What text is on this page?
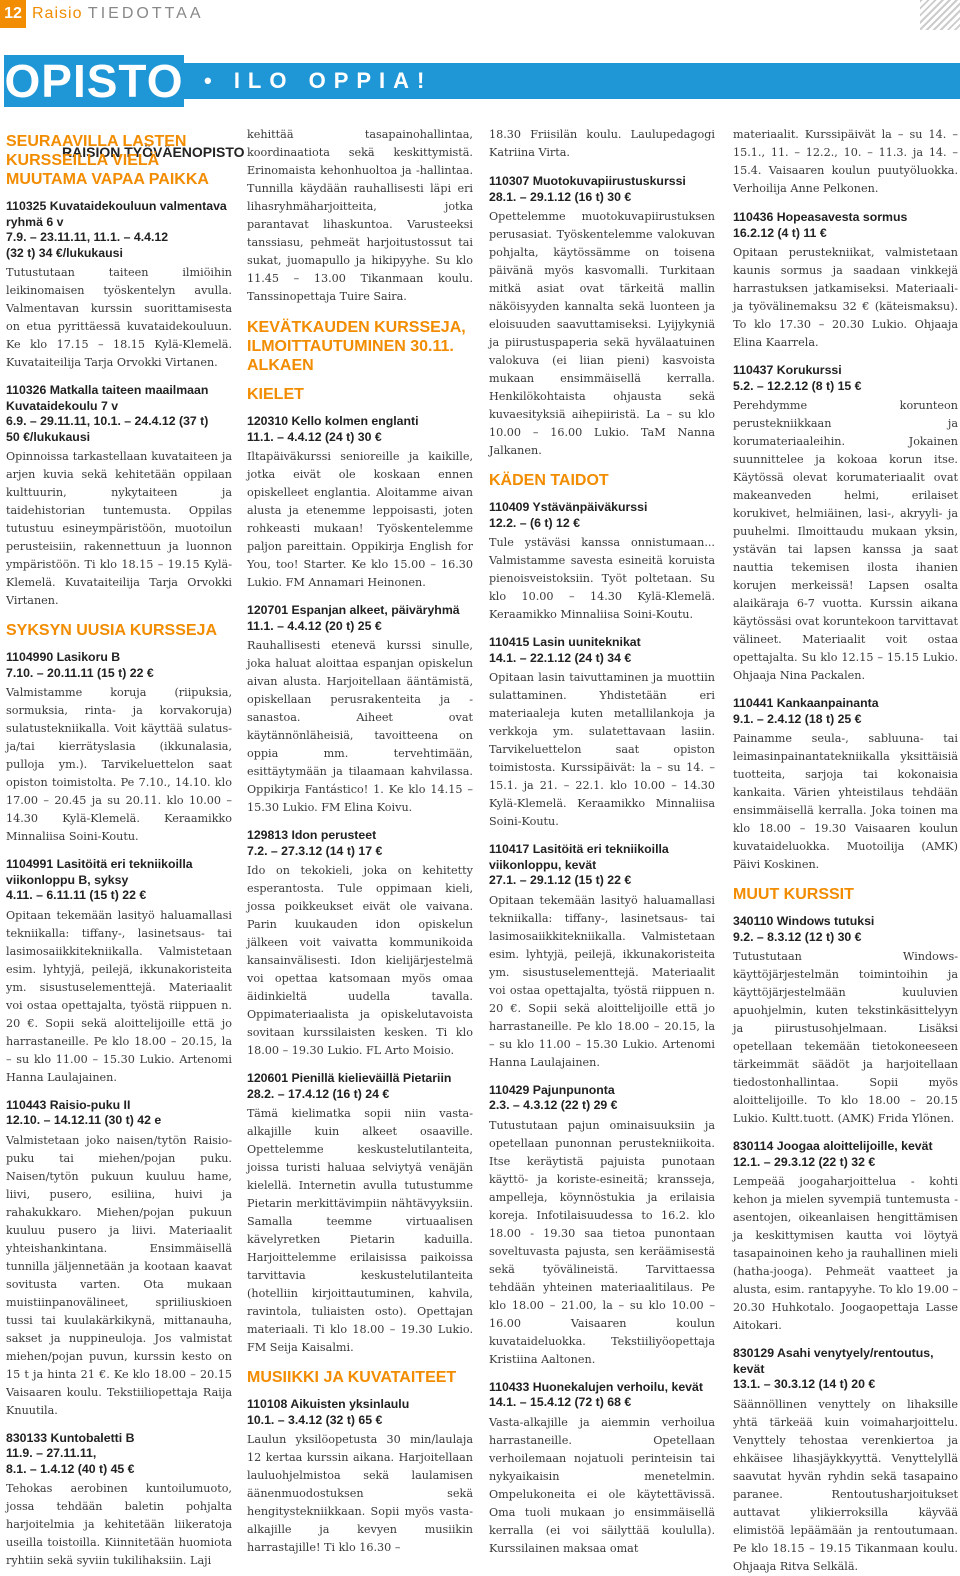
12 Raisio TIEDOTTAA
OPISTO • ILO OPPIA!
RAISION TYÖVÄENOPISTO
SEURAAVILLA LASTEN KURSSEILLA VIELÄ MUUTAMA VAPAA PAIKKA
110325 Kuvataidekouluun valmentava ryhmä 6 v
7.9. – 23.11.11, 11.1. – 4.4.12
(32 t) 34 €/lukukausi
Tutustutaan taiteen ilmiöihin leikinomaisen työskentelyn avulla. Valmentavan kurssin suorittamisesta on etua pyrittäessä kuvataidekouluun. Ke klo 17.15 – 18.15 Kylä-Klemelä. Kuvataiteilija Tarja Orvokki Virtanen.
110326 Matkalla taiteen maailmaan Kuvataidekoulu 7 v
6.9. – 29.11.11, 10.1. – 24.4.12 (37 t)
50 €/lukukausi
Opinnoissa tarkastellaan kuvataiteen ja arjen kuvia sekä kehitetään oppilaan kulttuurin, nykytaiteen ja taidehistorian tuntemusta. Oppilas tutustuu esineympäristöön, muotoilun perusteisiin, rakennettuun ja luonnon ympäristöön. Ti klo 18.15 – 19.15 Kylä-Klemelä. Kuvataiteilija Tarja Orvokki Virtanen.
SYKSYN UUSIA KURSSEJA
1104990 Lasikoru B
7.10. – 20.11.11 (15 t) 22 €
Valmistamme koruja (riipuksia, sormuksia, rinta- ja korvakoruja) sulatustekniikalla. Voit käyttää sulatus- ja/tai kierrätyslasia (ikkunalasia, pulloja ym.). Tarvikeluettelon saat opiston toimistolta. Pe 7.10., 14.10. klo 17.00 – 20.45 ja su 20.11. klo 10.00 – 14.30 Kylä-Klemelä. Keraamikko Minnaliisa Soini-Koutu.
1104991 Lasitöitä eri tekniikoilla viikonloppu B, syksy
4.11. – 6.11.11 (15 t) 22 €
Opitaan tekemään lasityö haluamallasi tekniikalla: tiffany-, lasinetsaus- tai lasimosaiikkitekniikalla. Valmistetaan esim. lyhtyjä, peilejä, ikkunakoristeita ym. sisustuselementtejä. Materiaalit voi ostaa opettajalta, työstä riippuen n. 20 €. Sopii sekä aloittelijoille että jo harrastaneille. Pe klo 18.00 – 20.15, la – su klo 11.00 – 15.30 Lukio. Artenomi Hanna Laulajainen.
110443 Raisio-puku II
12.10. – 14.12.11 (30 t) 42 e
Valmistetaan joko naisen/tytön Raisio-puku tai miehen/pojan puku. Naisen/tytön pukuun kuuluu hame, liivi, pusero, esiliina, huivi ja rahakukkaro. Miehen/pojan pukuun kuuluu pusero ja liivi. Materiaalit yhteishankintana. Ensimmäisellä tunnilla jäljennetään ja kootaan kaavat sovitusta varten. Ota mukaan muistiinpanovälineet, spriiliuskioen tussi tai kuulakärkikynä, mittanauha, sakset ja nuppineuloja. Jos valmistat miehen/pojan puvun, kurssin kesto on 15 t ja hinta 21 €. Ke klo 18.00 – 20.15 Vaisaaren koulu. Tekstiiliopettaja Raija Knuutila.
830133 Kuntobaletti B
11.9. – 27.11.11,
8.1. – 1.4.12 (40 t) 45 €
Tehokas aerobinen kuntoilumuoto, jossa tehdään baletin pohjalta harjoitelmia ja kehitetään liikeratoja useilla toistoilla. Kiinnitetään huomiota ryhtiin sekä syviin tukilihaksiin. Laji
kehittää tasapainohallintaa, koordinaatiota sekä keskittymistä. Erinomaista kehonhuoltoa ja -hallintaa. Tunnilla käydään rauhallisesti läpi eri lihasryhmäharjoitteita, jotka parantavat lihaskuntoa. Varusteeksi tanssiasu, pehmeät harjoitustossut tai sukat, juomapullo ja hikipyyhe. Su klo 11.45 – 13.00 Tikanmaan koulu. Tanssinopettaja Tuire Saira.
KEVÄTKAUDEN KURSSEJA, ILMOITTAUTUMINEN 30.11. ALKAEN
KIELET
120310 Kello kolmen englanti
11.1. – 4.4.12 (24 t) 30 €
Iltapäiväkurssi senioreille ja kaikille, jotka eivät ole koskaan ennen opiskelleet englantia. Aloitamme aivan alusta ja etenemme leppoisasti, joten rohkeasti mukaan! Työskentelemme paljon pareittain. Oppikirja English for You, too! Starter. Ke klo 15.00 – 16.30 Lukio. FM Annamari Heinonen.
120701 Espanjan alkeet, päiväryhmä
11.1. – 4.4.12 (20 t) 25 €
Rauhallisesti etenevä kurssi sinulle, joka haluat aloittaa espanjan opiskelun aivan alusta. Harjoitellaan ääntämistä, opiskellaan perusrakenteita ja -sanastoa. Aiheet ovat käytännönläheisiä, tavoitteena on oppia mm. tervehtimään, esittäytymään ja tilaamaan kahvilassa. Oppikirja Fantástico! 1. Ke klo 14.15 – 15.30 Lukio. FM Elina Koivu.
129813 Idon perusteet
7.2. – 27.3.12 (14 t) 17 €
Ido on tekokieli, joka on kehitetty esperantosta. Tule oppimaan kieli, jossa poikkeukset eivät ole vaivana. Parin kuukauden idon opiskelun jälkeen voit vaivatta kommunikoida kansainvälisesti. Idon kielijärjestelmä voi opettaa katsomaan myös omaa äidinkieltä uudella tavalla. Oppimateriaalista ja opiskelutavoista sovitaan kurssilaisten kesken. Ti klo 18.00 – 19.30 Lukio. FL Arto Moisio.
120601 Pienillä kielieväillä Pietariin
28.2. – 17.4.12 (16 t) 24 €
Tämä kielimatka sopii niin vasta-alkajille kuin alkeet osaaville. Opettelemme keskustelutilanteita, joissa turisti haluaa selviytyä venäjän kielellä. Internetin avulla tutustumme Pietarin merkittävimpiin nähtävyyksiin. Samalla teemme virtuaalisen kävelyretken Pietarin kaduilla. Harjoittelemme erilaisissa paikoissa tarvittavia keskustelutilanteita (hotelliin kirjoittautuminen, kahvila, ravintola, tuliaisten osto). Opettajan materiaali. Ti klo 18.00 – 19.30 Lukio. FM Seija Kaisalmi.
MUSIIKKI JA KUVATAITEET
110108 Aikuisten yksinlaulu
10.1. – 3.4.12 (32 t) 65 €
Laulun yksilöopetusta 30 min/laulaja 12 kertaa kurssin aikana. Harjoitellaan lauluohjelmistoa sekä laulamisen äänenmuodostuksen sekä hengitystekniikkaan. Sopii myös vasta-alkajille ja kevyen musiikin harrastajille! Ti klo 16.30 –
18.30 Friisilän koulu. Laulupedagogi Katriina Virta.
110307 Muotokuvapiirustuskurssi
28.1. – 29.1.12 (16 t) 30 €
Opettelemme muotokuvapiirustuksen perusasiat. Työskentelemme valokuvan pohjalta, käytössämme on toisena päivänä myös kasvomalli. Turkitaan mitkä asiat ovat tärkeitä mallin näköisyyden kannalta sekä luonteen ja eloisuuden saavuttamiseksi. Lyijykyniä ja piirustuspaperia sekä hyvälaatuinen valokuva (ei liian pieni) kasvoista mukaan ensimmäisellä kerralla. Henkilökohtaista ohjausta sekä kuvaesityksiä aihepiiristä. La – su klo 10.00 – 16.00 Lukio. TaM Nanna Jalkanen.
KÄDEN TAIDOT
110409 Ystävänpäiväkurssi
12.2. – (6 t) 12 €
Tule ystäväsi kanssa onnistumaan... Valmistamme savesta esineitä koruista pienoisveistoksiin. Työt poltetaan. Su klo 10.00 – 14.30 Kylä-Klemelä. Keraamikko Minnaliisa Soini-Koutu.
110415 Lasin uuniteknikat
14.1. – 22.1.12 (24 t) 34 €
Opitaan lasin taivuttaminen ja muottiin sulattaminen. Yhdistetään eri materiaaleja kuten metallilankoja ja verkkoja ym. sulatettavaan lasiin. Tarvikeluettelon saat opiston toimistosta. Kurssipäivät: la – su 14. –15.1. ja 21. – 22.1. klo 10.00 – 14.30 Kylä-Klemelä. Keraamikko Minnaliisa Soini-Koutu.
110417 Lasitöitä eri tekniikoilla viikonloppu, kevät
27.1. – 29.1.12 (15 t) 22 €
Opitaan tekemään lasityö haluamallasi tekniikalla: tiffany-, lasinetsaus- tai lasimosaiikkitekniikalla. Valmistetaan esim. lyhtyjä, peilejä, ikkunakoristeita ym. sisustuselementtejä. Materiaalit voi ostaa opettajalta, työstä riippuen n. 20 €. Sopii sekä aloittelijoille että jo harrastaneille. Pe klo 18.00 – 20.15, la – su klo 11.00 – 15.30 Lukio. Artenomi Hanna Laulajainen.
110429 Pajunpunonta
2.3. – 4.3.12 (22 t) 29 €
Tutustutaan pajun ominaisuuksiin ja opetellaan punonnan perustekniikoita. Itse keräytistä pajuista punotaan käyttö- ja koriste-esineitä; kransseja, ampelleja, köynnöstukia ja erilaisia koreja. Infotilaisuudessa to 16.2. klo 18.00 - 19.30 saa tietoa punontaan soveltuvasta pajusta, sen keräämisestä sekä työvälineistä. Tarvittaessa tehdään yhteinen materiaalitilaus. Pe klo 18.00 – 21.00, la – su klo 10.00 – 16.00 Vaisaaren koulun kuvataideluokka. Tekstiiliyöopettaja Kristiina Aaltonen.
110433 Huonekalujen verhoilu, kevät
14.1. – 15.4.12 (72 t) 68 €
Vasta-alkajille ja aiemmin verhoilua harrastaneille. Opetellaan verhoilemaan nojatuoli perinteisin tai nykyaikaisin menetelmin. Ompelukoneita ei ole käytettävissä. Oma tuoli mukaan jo ensimmäisellä kerralla (ei voi säilyttää koululla). Kurssilainen maksaa omat
materiaalit. Kurssipäivät la – su 14. – 15.1., 11. – 12.2., 10. – 11.3. ja 14. –15.4. Vaisaaren koulun puutyöluokka. Verhoilija Anne Pelkonen.
110436 Hopeasavesta sormus
16.2.12 (4 t) 11 €
Opitaan perustekniikat, valmistetaan kaunis sormus ja saadaan vinkkejä harrastuksen jatkamiseksi. Materiaali- ja työvälinemaksu 32 € (käteismaksu). To klo 17.30 – 20.30 Lukio. Ohjaaja Elina Kaarrela.
110437 Korukurssi
5.2. – 12.2.12 (8 t) 15 €
Perehdymme korunteon perustekniikkaan ja korumateriaaleihin. Jokainen suunnittelee ja kokoaa korun itse. Käytössä olevat korumateriaalit ovat makeanveden helmi, erilaiset korukivet, helmiäinen, lasi-, akryyli- ja puuhelmi. Ilmoittaudu mukaan yksin, ystävän tai lapsen kanssa ja saat nauttia tekemisen ilosta ihanien korujen merkeissä! Lapsen osalta alaikäraja 6-7 vuotta. Kurssin aikana käytössäsi ovat koruntekoon tarvittavat välineet. Materiaalit voit ostaa opettajalta. Su klo 12.15 – 15.15 Lukio. Ohjaaja Nina Packalen.
110441 Kankaanpainanta
9.1. – 2.4.12 (18 t) 25 €
Painamme seula-, sabluuna- tai leimasinpainantatekniikalla yksittäisiä tuotteita, sarjoja tai kokonaisia kankaita. Värien yhteistilaus tehdään ensimmäisellä kerralla. Joka toinen ma klo 18.00 – 19.30 Vaisaaren koulun kuvataideluokka. Muotoilija (AMK) Päivi Koskinen.
MUUT KURSSIT
340110 Windows tutuksi
9.2. – 8.3.12 (12 t) 30 €
Tutustutaan Windows-käyttöjärjestelmän toimintoihin ja käyttöjärjestelmään kuuluvien apuohjelmin, kuten tekstinkäsittelyyn ja piirustusohjelmaan. Lisäksi opetellaan tekemään tietokoneeseen tärkeimmät säädöt ja harjoitellaan tiedostonhallintaa. Sopii myös aloittelijoille. To klo 18.00 – 20.15 Lukio. Kultt.tuott. (AMK) Frida Ylönen.
830114 Joogaa aloittelijoille, kevät
12.1. – 29.3.12 (22 t) 32 €
Lempeää joogaharjoittelua - kohti kehon ja mielen syvempiä tuntemusta - asentojen, oikeanlaisen hengittämisen ja keskittymisen kautta voi löytyä tasapainoinen keho ja rauhallinen mieli (hatha-jooga). Pehmeät vaatteet ja alusta, esim. rantapyyhe. To klo 19.00 – 20.30 Huhkotalo. Joogaopettaja Lasse Aitokari.
830129 Asahi venytyely/rentoutus, kevät
13.1. – 30.3.12 (14 t) 20 €
Säännöllinen venyttely on lihaksille yhtä tärkeää kuin voimaharjoittelu. Venyttely tehostaa verenkiertoa ja ehkäisee lihasjäykkyyttä. Venyttelyllä saavutat hyvän ryhdin sekä tasapaino paranee. Rentoutusharjoitukset auttavat ylikierroksilla käyvää elimistöä lepäämään ja rentoutumaan. Pe klo 18.15 – 19.15 Tikanmaan koulu. Ohjaaja Ritva Selkälä.
